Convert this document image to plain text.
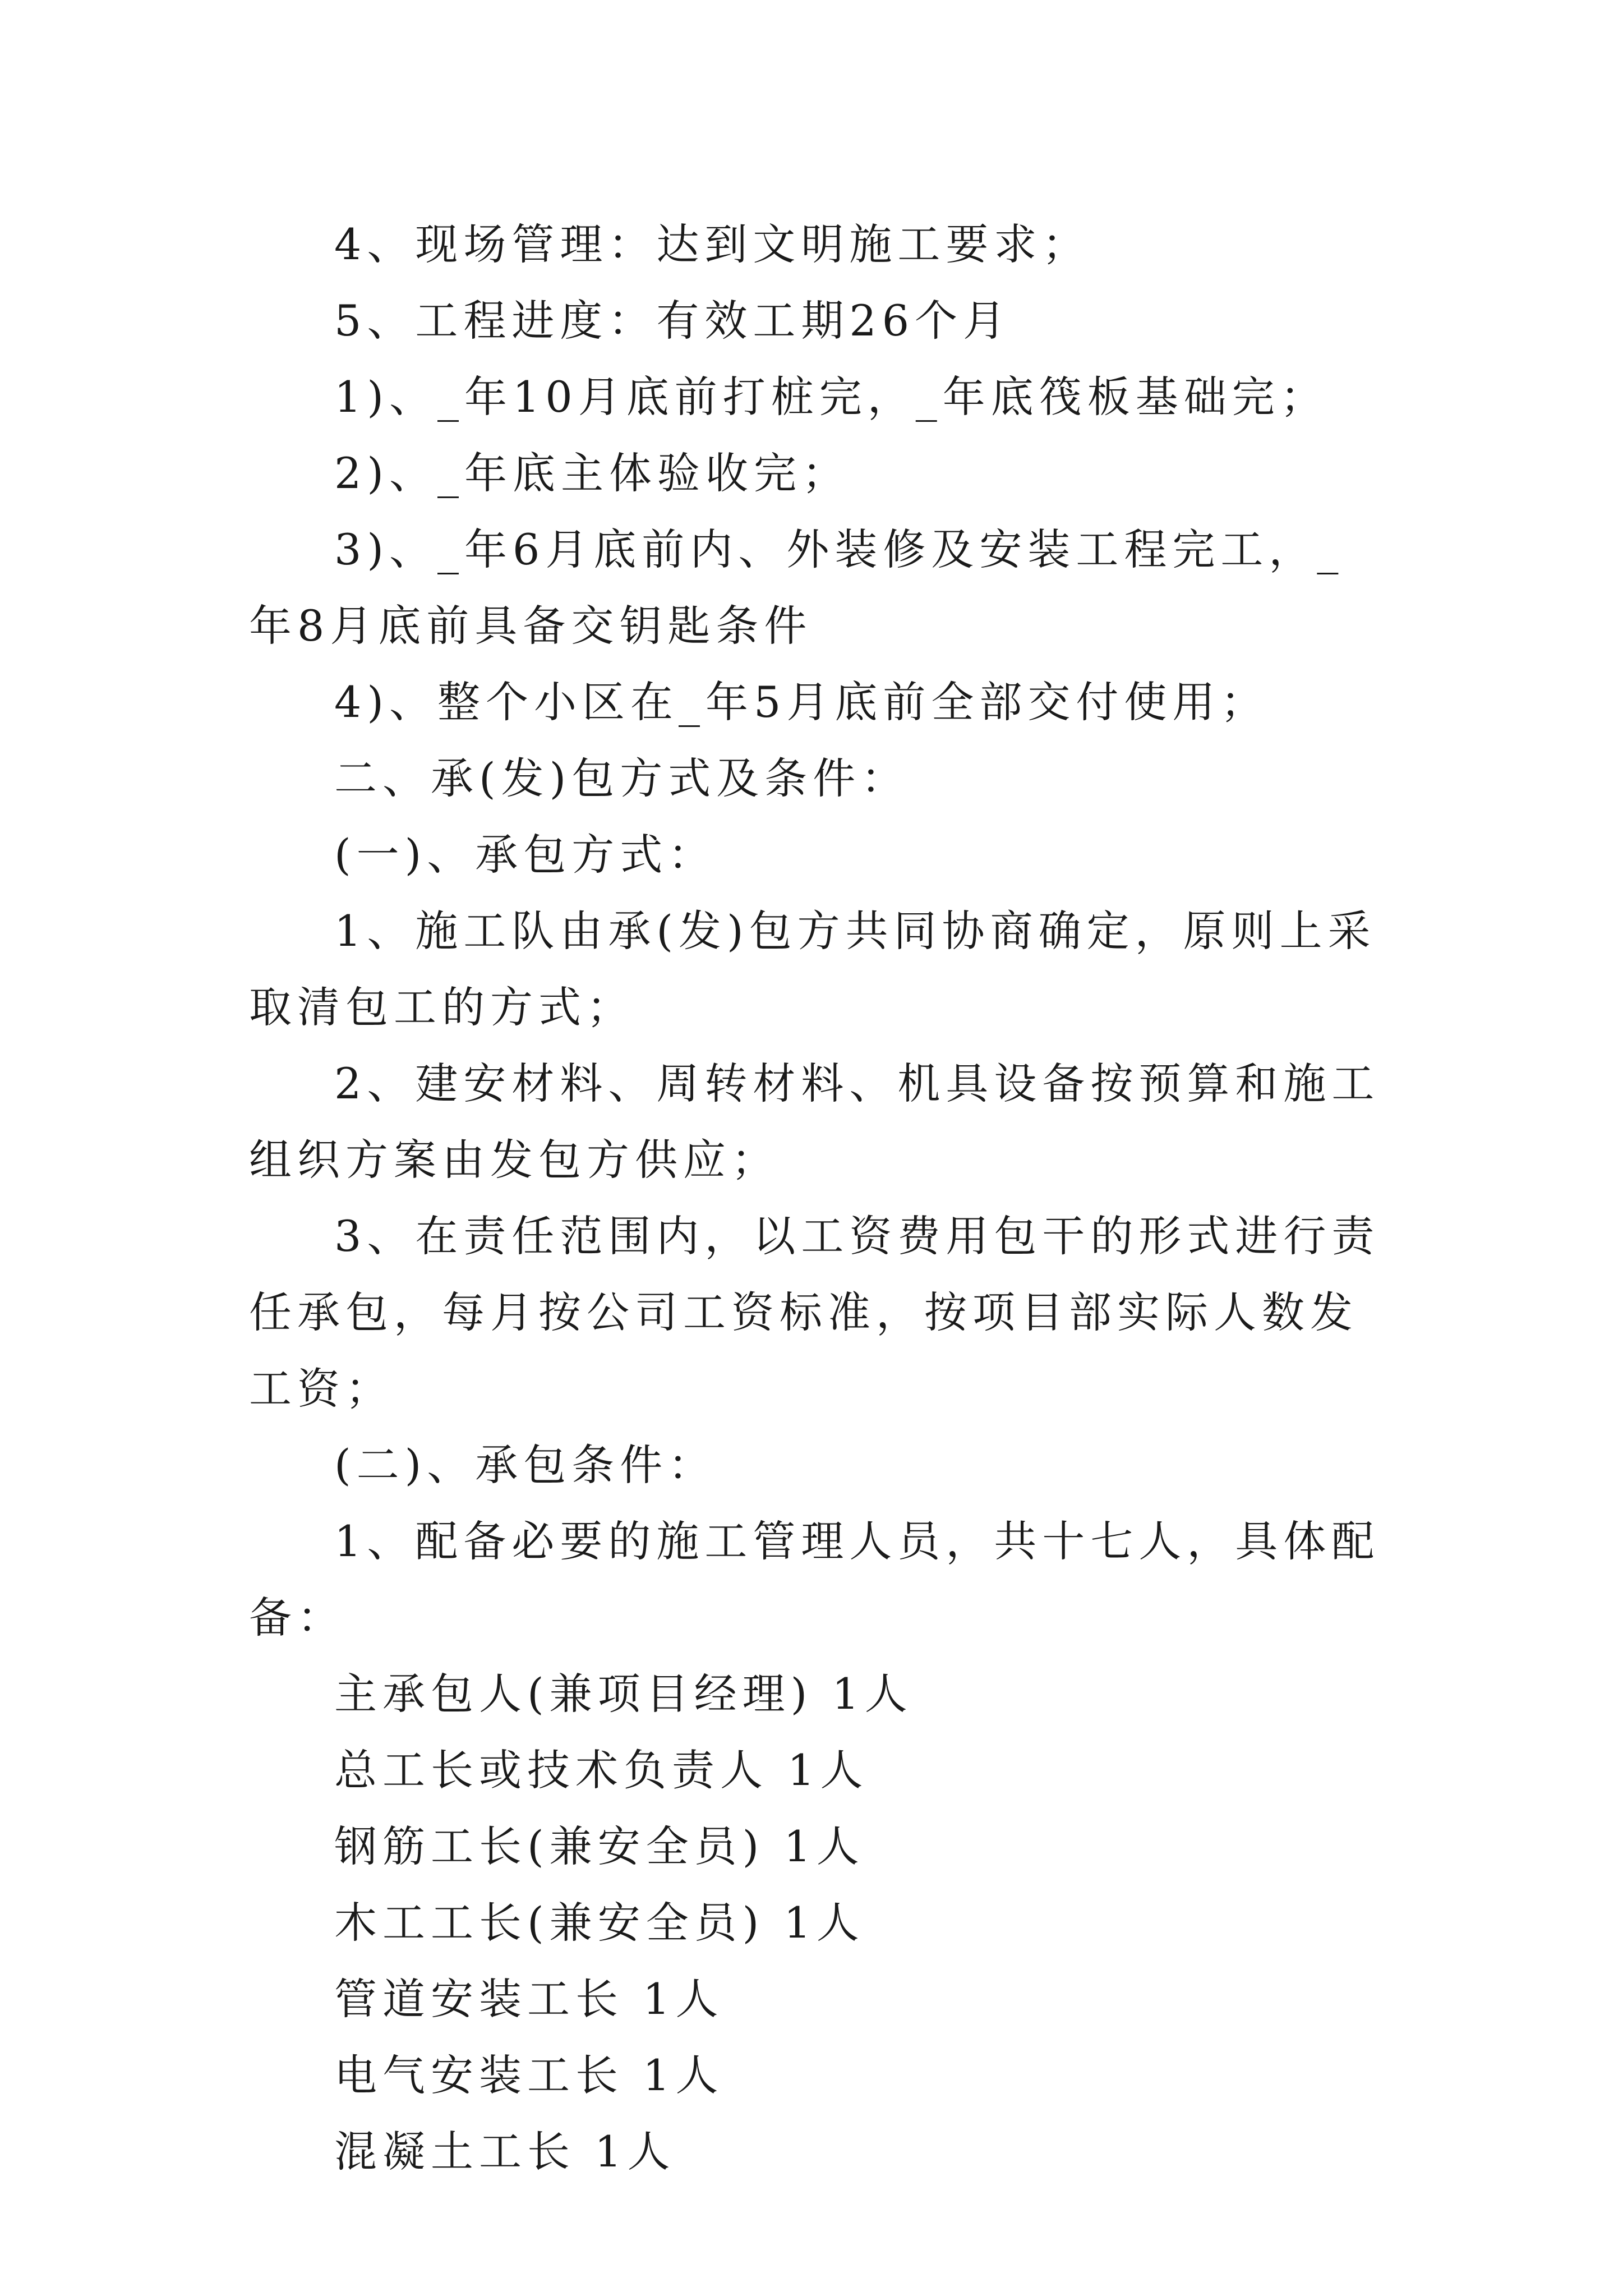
4、现场管理：达到文明施工要求；

5、工程进度：有效工期26个月

1)、_年10月底前打桩完，_年底筏板基础完；

2)、_年底主体验收完；

3)、_年6月底前内、外装修及安装工程完工，_年8月底前具备交钥匙条件

4)、整个小区在_年5月底前全部交付使用；

二、承(发)包方式及条件：

(一)、承包方式：

1、施工队由承(发)包方共同协商确定，原则上采取清包工的方式；

2、建安材料、周转材料、机具设备按预算和施工组织方案由发包方供应；

3、在责任范围内，以工资费用包干的形式进行责任承包，每月按公司工资标准，按项目部实际人数发工资；

(二)、承包条件：

1、配备必要的施工管理人员，共十七人，具体配备：

主承包人(兼项目经理) 1人

总工长或技术负责人 1人

钢筋工长(兼安全员) 1人

木工工长(兼安全员) 1人

管道安装工长 1人

电气安装工长 1人

混凝土工长 1人
